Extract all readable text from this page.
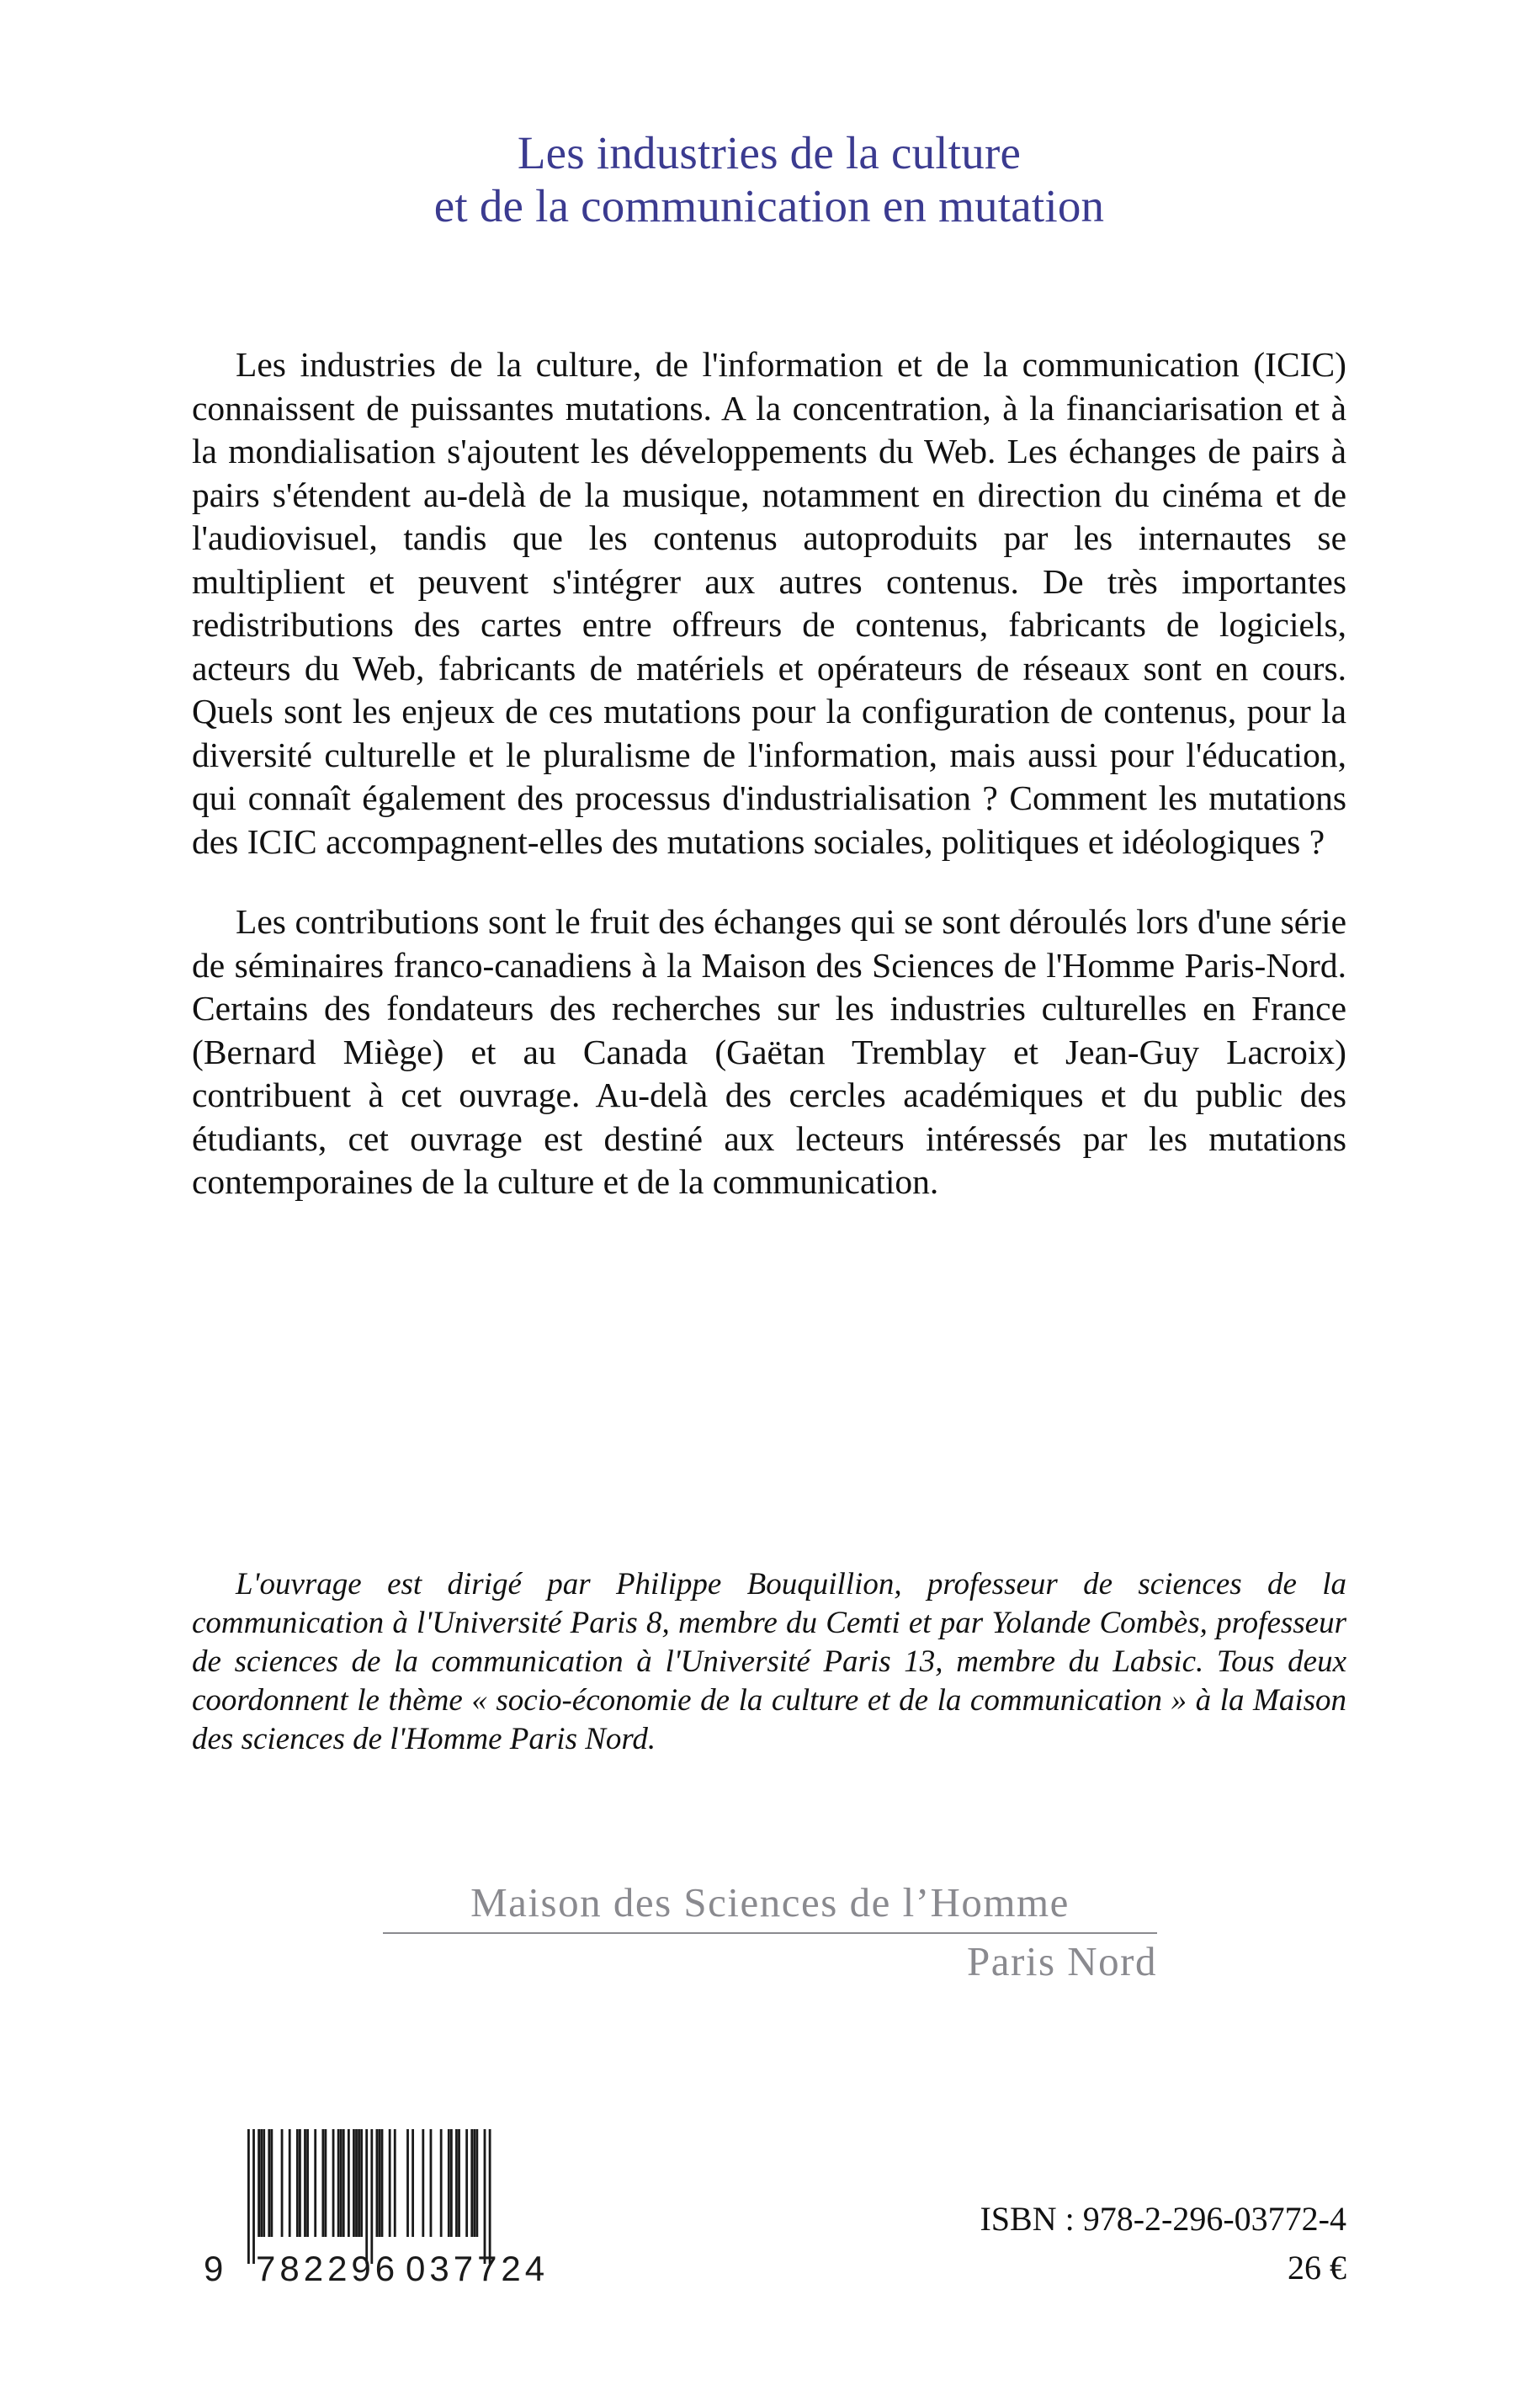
Les industries de la culture
et de la communication en mutation

Les industries de la culture, de l'information et de la communication (ICIC) connaissent de puissantes mutations. A la concentration, à la financiarisation et à la mondialisation s'ajoutent les développements du Web. Les échanges de pairs à pairs s'étendent au-delà de la musique, notamment en direction du cinéma et de l'audiovisuel, tandis que les contenus autoproduits par les internautes se multiplient et peuvent s'intégrer aux autres contenus. De très importantes redistributions des cartes entre offreurs de contenus, fabricants de logiciels, acteurs du Web, fabricants de matériels et opérateurs de réseaux sont en cours. Quels sont les enjeux de ces mutations pour la configuration de contenus, pour la diversité culturelle et le pluralisme de l'information, mais aussi pour l'éducation, qui connaît également des processus d'industrialisation ? Comment les mutations des ICIC accompagnent-elles des mutations sociales, politiques et idéologiques ?

Les contributions sont le fruit des échanges qui se sont déroulés lors d'une série de séminaires franco-canadiens à la Maison des Sciences de l'Homme Paris-Nord. Certains des fondateurs des recherches sur les industries culturelles en France (Bernard Miège) et au Canada (Gaëtan Tremblay et Jean-Guy Lacroix) contribuent à cet ouvrage. Au-delà des cercles académiques et du public des étudiants, cet ouvrage est destiné aux lecteurs intéressés par les mutations contemporaines de la culture et de la communication.

L'ouvrage est dirigé par Philippe Bouquillion, professeur de sciences de la communication à l'Université Paris 8, membre du Cemti et par Yolande Combès, professeur de sciences de la communication à l'Université Paris 13, membre du Labsic. Tous deux coordonnent le thème « socio-économie de la culture et de la communication » à la Maison des sciences de l'Homme Paris Nord.

Maison des Sciences de l’Homme
Paris Nord
9 782296 037724
ISBN : 978-2-296-03772-4
26 €
